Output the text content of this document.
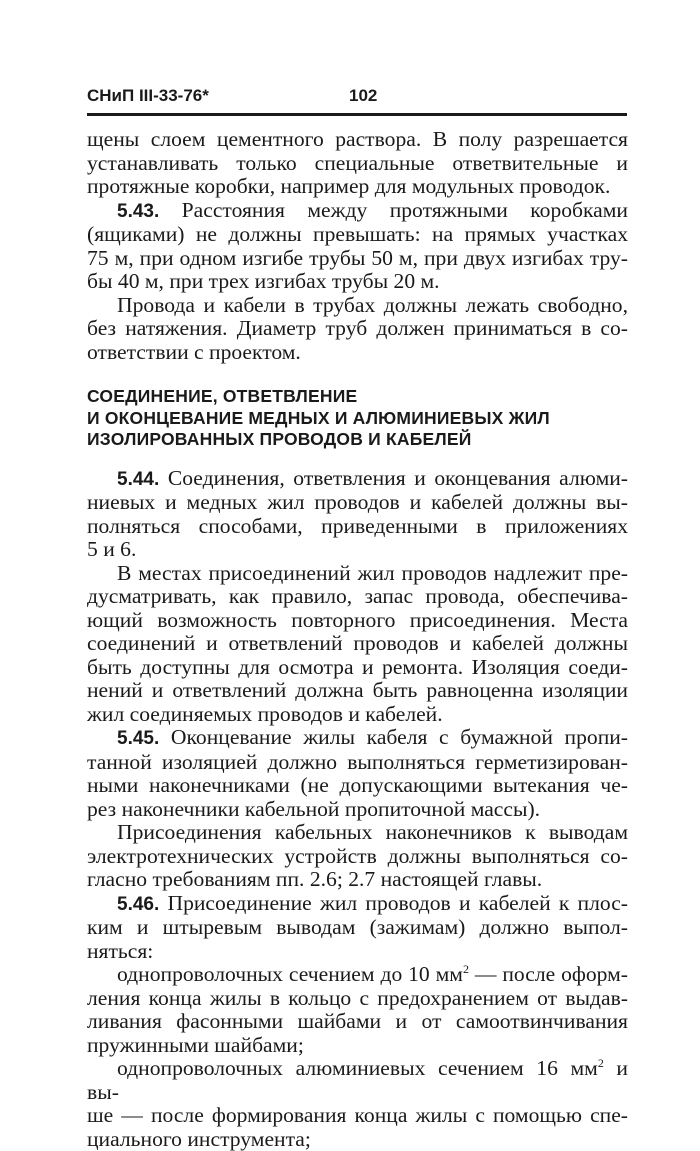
СНиП III-33-76*	102

щены слоем цементного раствора. В полу разрешается

устанавливать только специальные ответвительные и

протяжные коробки, например для модульных проводок.

5.43. Расстояния между протяжными коробками

(ящиками) не должны превышать: на прямых участках

75 м, при одном изгибе трубы 50 м, при двух изгибах тру-

бы 40 м, при трех изгибах трубы 20 м.

Провода и кабели в трубах должны лежать свободно,

без натяжения. Диаметр труб должен приниматься в со-

ответствии с проектом.

СОЕДИНЕНИЕ, ОТВЕТВЛЕНИЕ
И ОКОНЦЕВАНИЕ МЕДНЫХ И АЛЮМИНИЕВЫХ ЖИЛ
ИЗОЛИРОВАННЫХ ПРОВОДОВ И КАБЕЛЕЙ

5.44. Соединения, ответвления и оконцевания алюми-

ниевых и медных жил проводов и кабелей должны вы-

полняться способами, приведенными в приложениях

5 и 6.

В местах присоединений жил проводов надлежит пре-

дусматривать, как правило, запас провода, обеспечива-

ющий возможность повторного присоединения. Места

соединений и ответвлений проводов и кабелей должны

быть доступны для осмотра и ремонта. Изоляция соеди-

нений и ответвлений должна быть равноценна изоляции

жил соединяемых проводов и кабелей.

5.45. Оконцевание жилы кабеля с бумажной пропи-

танной изоляцией должно выполняться герметизирован-

ными наконечниками (не допускающими вытекания че-

рез наконечники кабельной пропиточной массы).

Присоединения кабельных наконечников к выводам

электротехнических устройств должны выполняться со-

гласно требованиям пп. 2.6; 2.7 настоящей главы.

5.46. Присоединение жил проводов и кабелей к плос-

ким и штыревым выводам (зажимам) должно выпол-

няться:

однопроволочных сечением до 10 $мм^2$ — после оформ-

ления конца жилы в кольцо с предохранением от выдав-

ливания фасонными шайбами и от самоотвинчивания

пружинными шайбами;

однопроволочных алюминиевых сечением 16 $мм^2$ и вы-

ше — после формирования конца жилы с помощью спе-

циального инструмента;
